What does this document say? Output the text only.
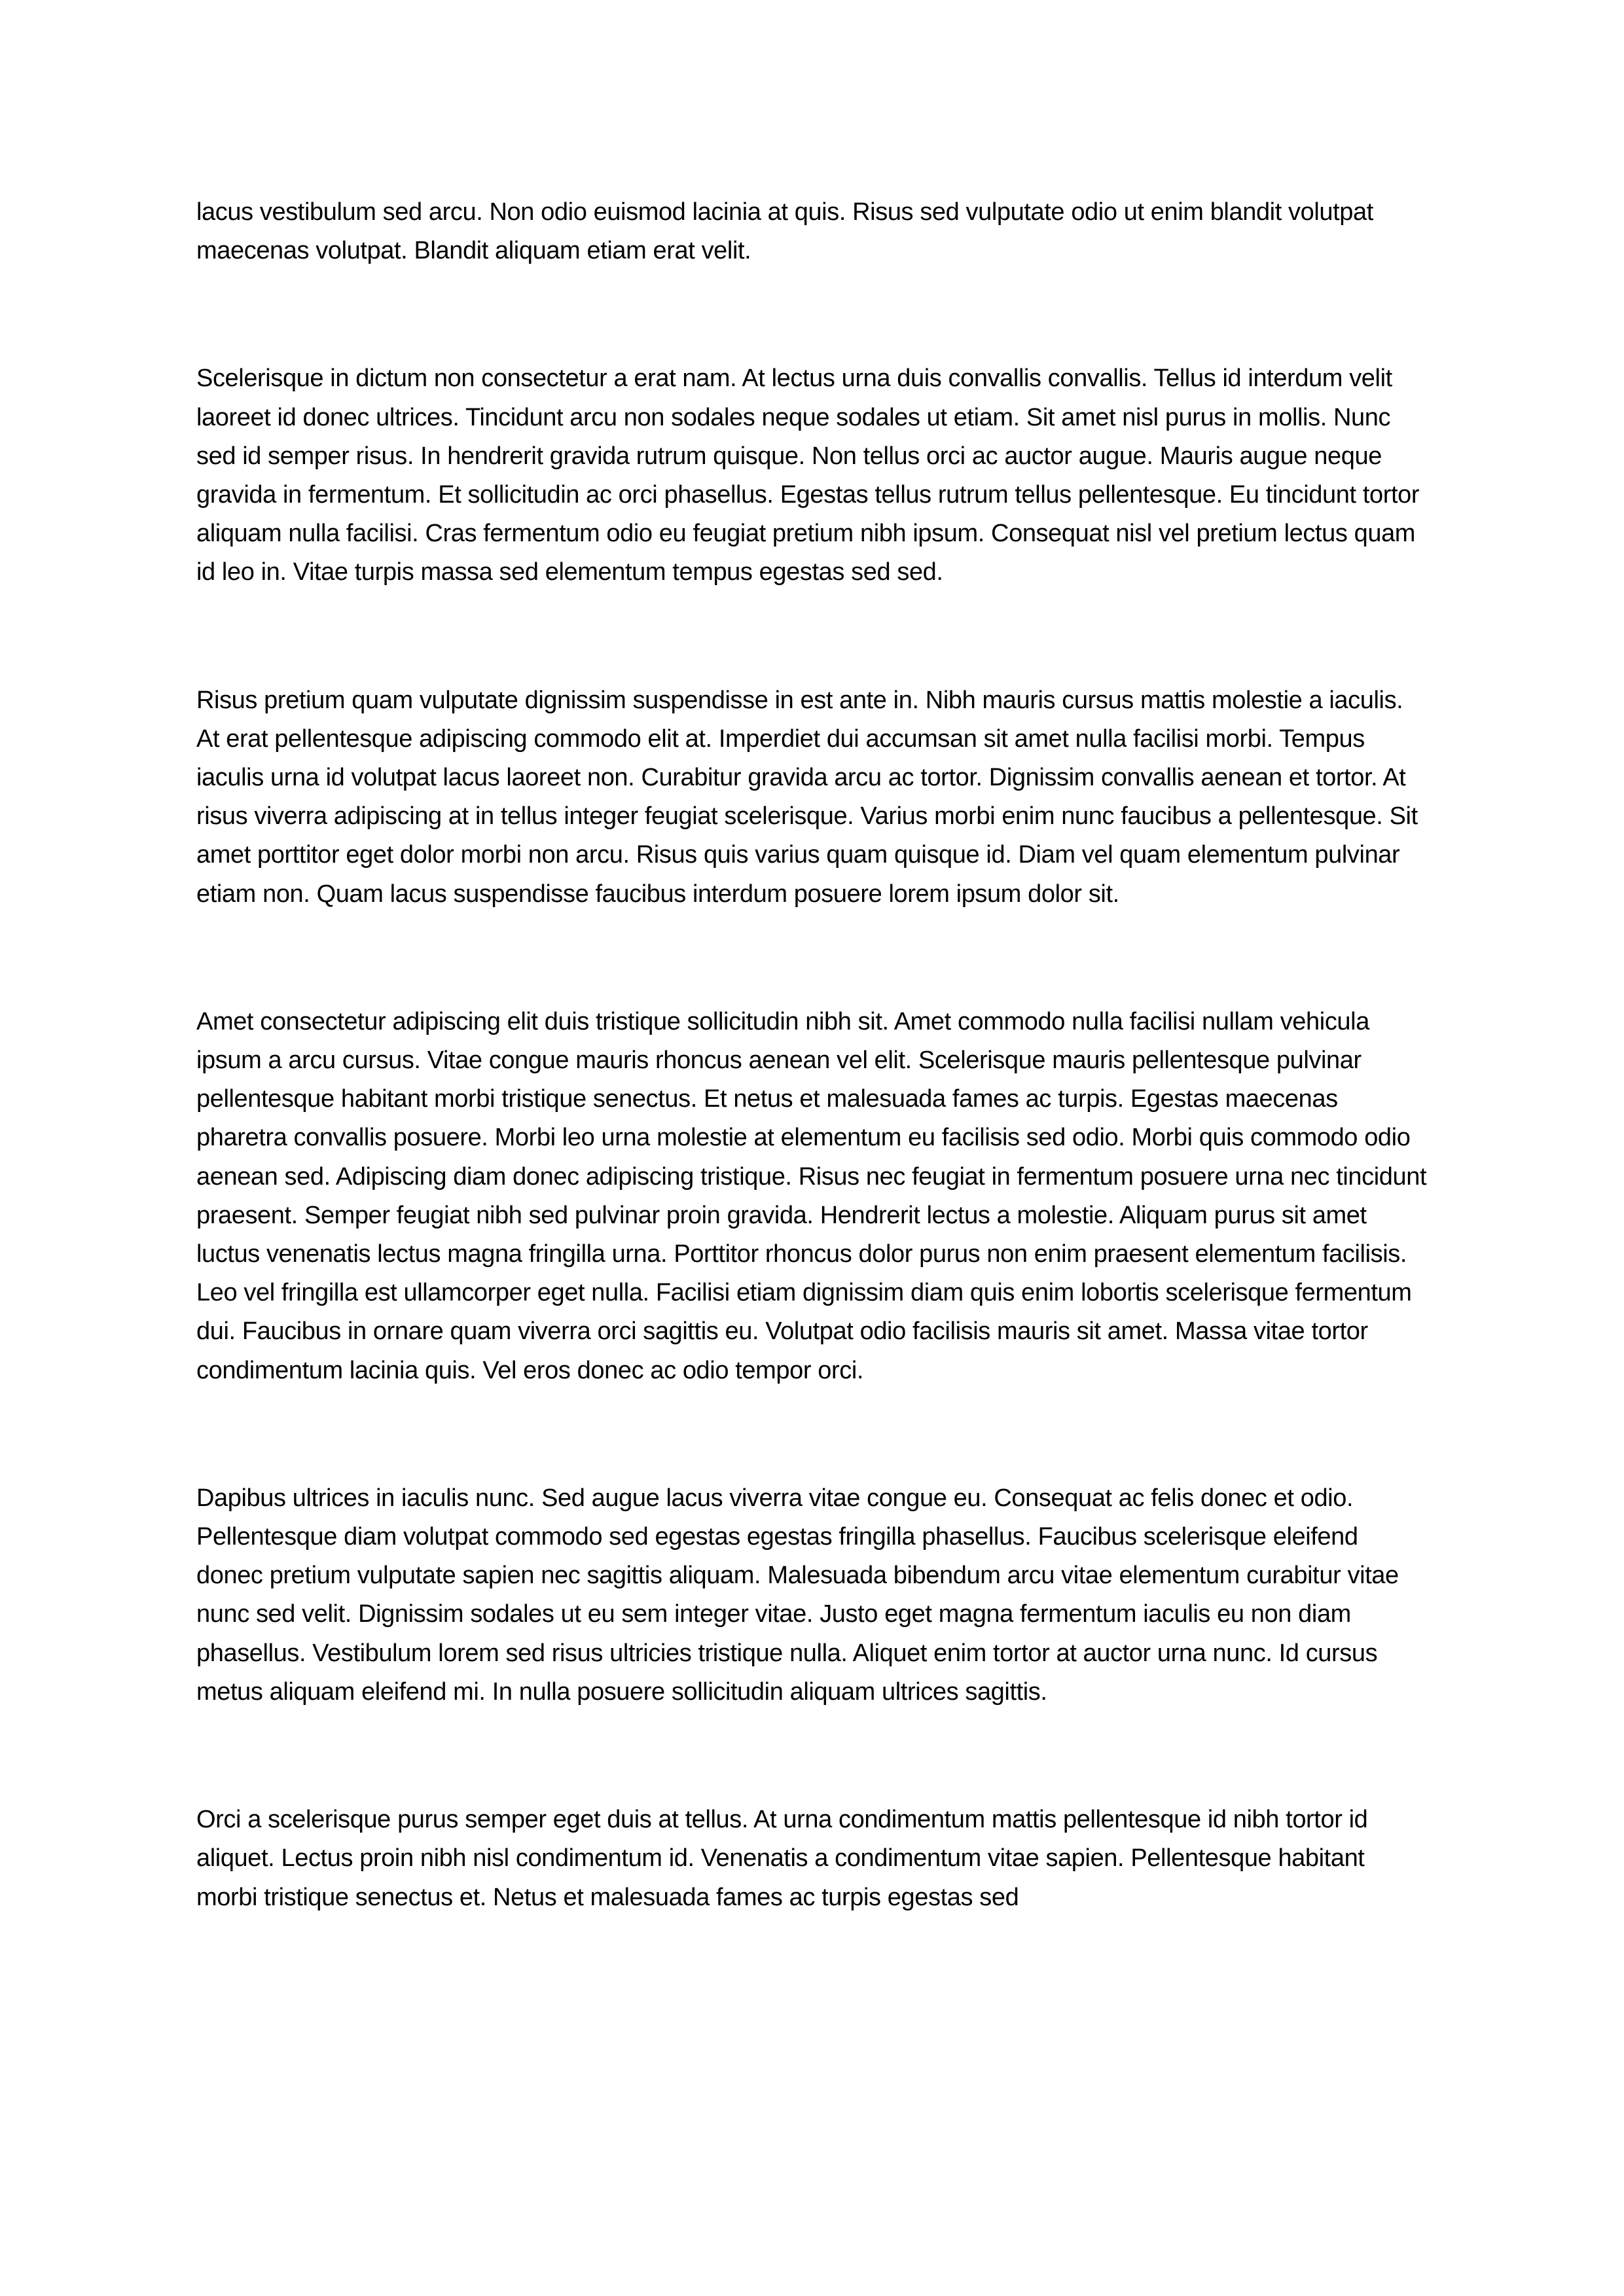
lacus vestibulum sed arcu. Non odio euismod lacinia at quis. Risus sed vulputate odio ut enim blandit volutpat maecenas volutpat. Blandit aliquam etiam erat velit.

Scelerisque in dictum non consectetur a erat nam. At lectus urna duis convallis convallis. Tellus id interdum velit laoreet id donec ultrices. Tincidunt arcu non sodales neque sodales ut etiam. Sit amet nisl purus in mollis. Nunc sed id semper risus. In hendrerit gravida rutrum quisque. Non tellus orci ac auctor augue. Mauris augue neque gravida in fermentum. Et sollicitudin ac orci phasellus. Egestas tellus rutrum tellus pellentesque. Eu tincidunt tortor aliquam nulla facilisi. Cras fermentum odio eu feugiat pretium nibh ipsum. Consequat nisl vel pretium lectus quam id leo in. Vitae turpis massa sed elementum tempus egestas sed sed.

Risus pretium quam vulputate dignissim suspendisse in est ante in. Nibh mauris cursus mattis molestie a iaculis. At erat pellentesque adipiscing commodo elit at. Imperdiet dui accumsan sit amet nulla facilisi morbi. Tempus iaculis urna id volutpat lacus laoreet non. Curabitur gravida arcu ac tortor. Dignissim convallis aenean et tortor. At risus viverra adipiscing at in tellus integer feugiat scelerisque. Varius morbi enim nunc faucibus a pellentesque. Sit amet porttitor eget dolor morbi non arcu. Risus quis varius quam quisque id. Diam vel quam elementum pulvinar etiam non. Quam lacus suspendisse faucibus interdum posuere lorem ipsum dolor sit.

Amet consectetur adipiscing elit duis tristique sollicitudin nibh sit. Amet commodo nulla facilisi nullam vehicula ipsum a arcu cursus. Vitae congue mauris rhoncus aenean vel elit. Scelerisque mauris pellentesque pulvinar pellentesque habitant morbi tristique senectus. Et netus et malesuada fames ac turpis. Egestas maecenas pharetra convallis posuere. Morbi leo urna molestie at elementum eu facilisis sed odio. Morbi quis commodo odio aenean sed. Adipiscing diam donec adipiscing tristique. Risus nec feugiat in fermentum posuere urna nec tincidunt praesent. Semper feugiat nibh sed pulvinar proin gravida. Hendrerit lectus a molestie. Aliquam purus sit amet luctus venenatis lectus magna fringilla urna. Porttitor rhoncus dolor purus non enim praesent elementum facilisis. Leo vel fringilla est ullamcorper eget nulla. Facilisi etiam dignissim diam quis enim lobortis scelerisque fermentum dui. Faucibus in ornare quam viverra orci sagittis eu. Volutpat odio facilisis mauris sit amet. Massa vitae tortor condimentum lacinia quis. Vel eros donec ac odio tempor orci.

Dapibus ultrices in iaculis nunc. Sed augue lacus viverra vitae congue eu. Consequat ac felis donec et odio. Pellentesque diam volutpat commodo sed egestas egestas fringilla phasellus. Faucibus scelerisque eleifend donec pretium vulputate sapien nec sagittis aliquam. Malesuada bibendum arcu vitae elementum curabitur vitae nunc sed velit. Dignissim sodales ut eu sem integer vitae. Justo eget magna fermentum iaculis eu non diam phasellus. Vestibulum lorem sed risus ultricies tristique nulla. Aliquet enim tortor at auctor urna nunc. Id cursus metus aliquam eleifend mi. In nulla posuere sollicitudin aliquam ultrices sagittis.

Orci a scelerisque purus semper eget duis at tellus. At urna condimentum mattis pellentesque id nibh tortor id aliquet. Lectus proin nibh nisl condimentum id. Venenatis a condimentum vitae sapien. Pellentesque habitant morbi tristique senectus et. Netus et malesuada fames ac turpis egestas sed
